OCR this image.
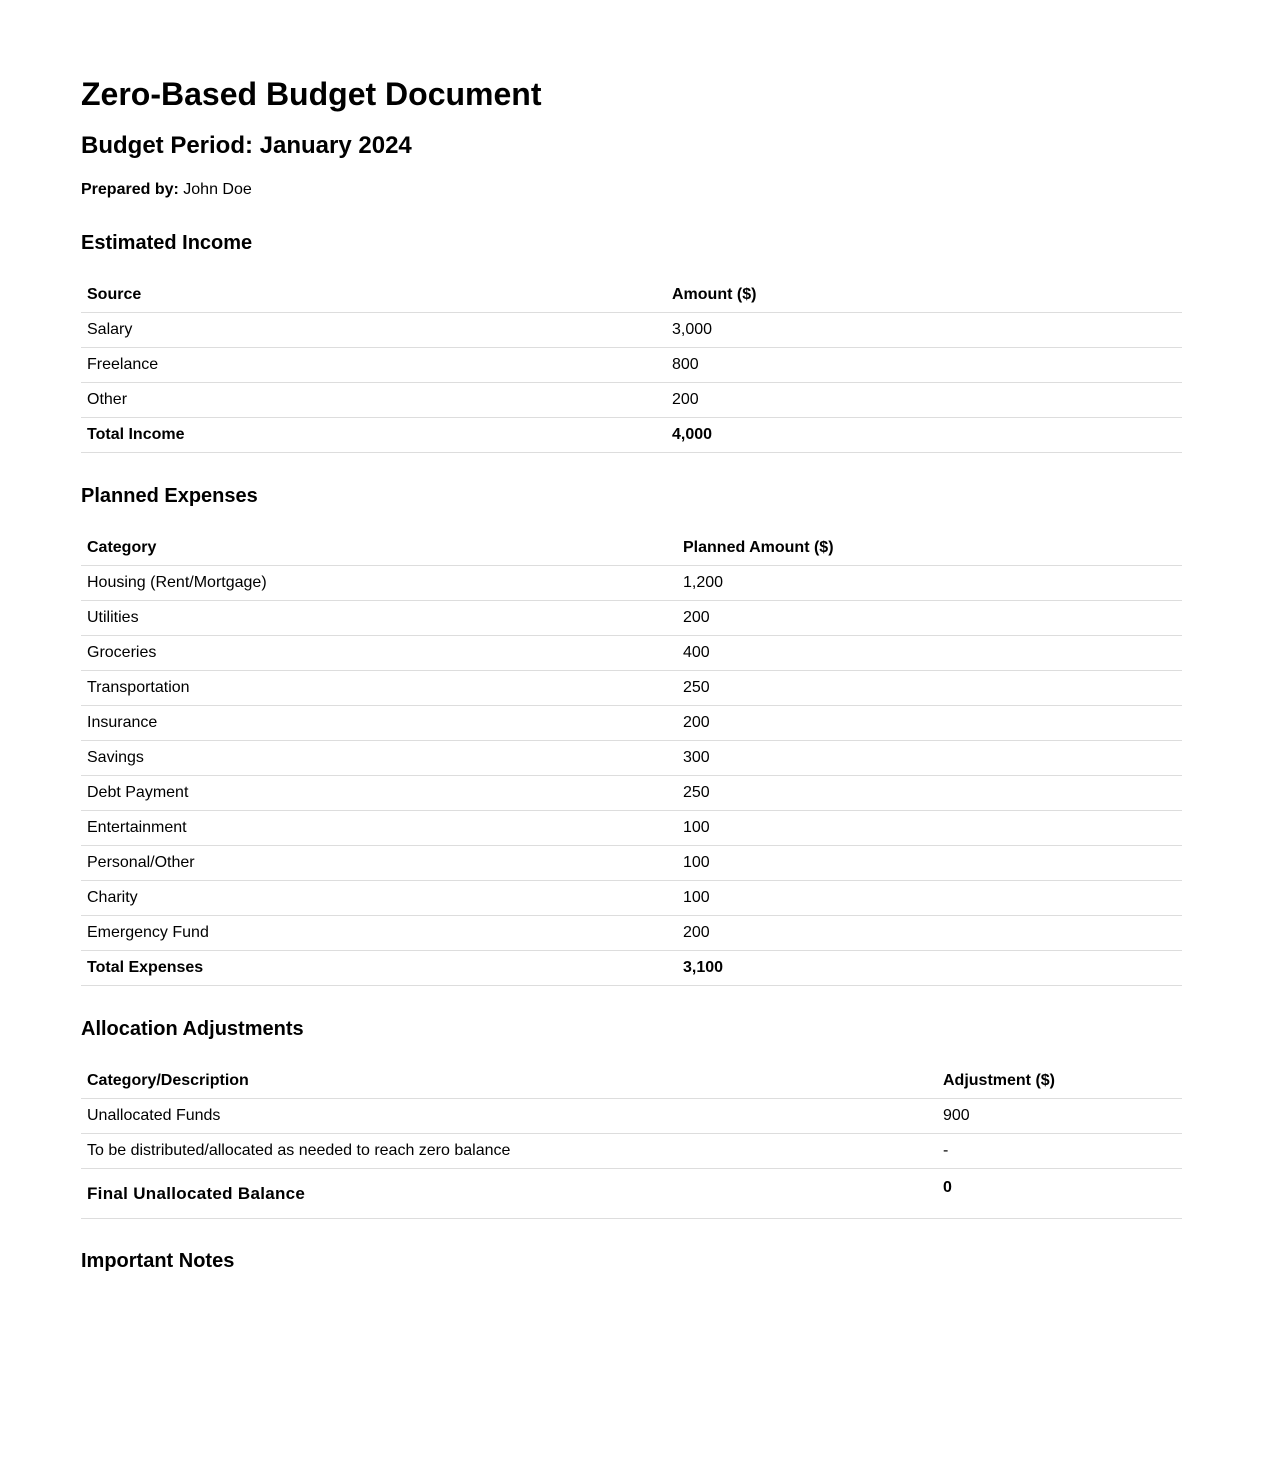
Zero-Based Budget Document
Budget Period: January 2024

Prepared by: John Doe

Estimated Income
Source	Amount ($)
Salary	3,000
Freelance	800
Other	200
Total Income	4,000
Planned Expenses
Category	Planned Amount ($)
Housing (Rent/Mortgage)	1,200
Utilities	200
Groceries	400
Transportation	250
Insurance	200
Savings	300
Debt Payment	250
Entertainment	100
Personal/Other	100
Charity	100
Emergency Fund	200
Total Expenses	3,100
Allocation Adjustments
Category/Description	Adjustment ($)
Unallocated Funds	900
To be distributed/allocated as needed to reach zero balance	-
Final Unallocated Balance	0
Important Notes
